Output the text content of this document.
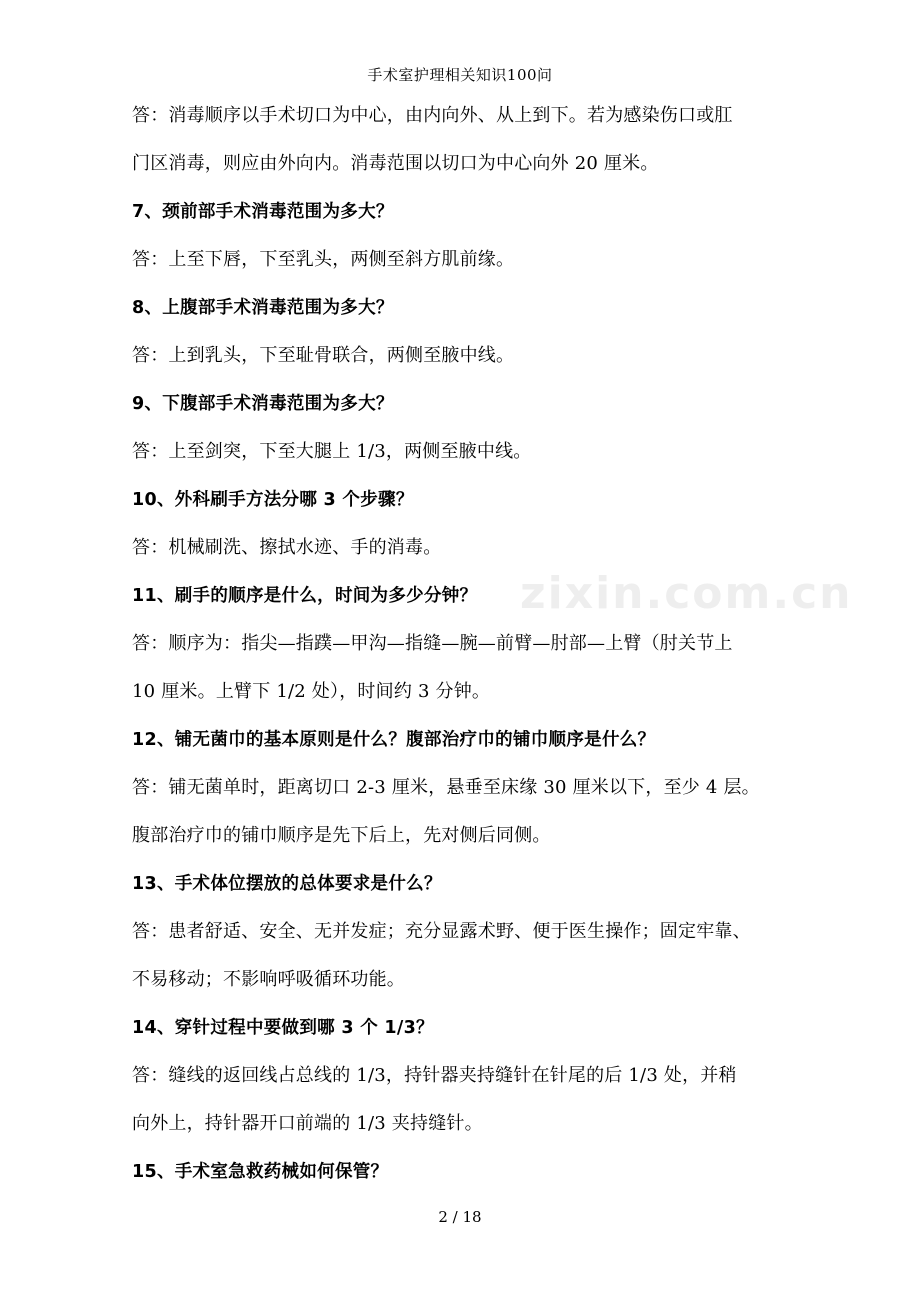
手术室护理相关知识100问
zixin.com.cn
答：消毒顺序以手术切口为中心，由内向外、从上到下。若为感染伤口或肛
门区消毒，则应由外向内。消毒范围以切口为中心向外 20 厘米。
7、颈前部手术消毒范围为多大？
答：上至下唇，下至乳头，两侧至斜方肌前缘。
8、上腹部手术消毒范围为多大？
答：上到乳头，下至耻骨联合，两侧至腋中线。
9、下腹部手术消毒范围为多大？
答：上至剑突，下至大腿上 1/3，两侧至腋中线。
10、外科刷手方法分哪 3 个步骤？
答：机械刷洗、擦拭水迹、手的消毒。
11、刷手的顺序是什么，时间为多少分钟？
答：顺序为：指尖—指蹼—甲沟—指缝—腕—前臂—肘部—上臂（肘关节上
10 厘米。上臂下 1/2 处），时间约 3 分钟。
12、铺无菌巾的基本原则是什么？腹部治疗巾的铺巾顺序是什么？
答：铺无菌单时，距离切口 2-3 厘米，悬垂至床缘 30 厘米以下，至少 4 层。
腹部治疗巾的铺巾顺序是先下后上，先对侧后同侧。
13、手术体位摆放的总体要求是什么？
答：患者舒适、安全、无并发症；充分显露术野、便于医生操作；固定牢靠、
不易移动；不影响呼吸循环功能。
14、穿针过程中要做到哪 3 个 1/3？
答：缝线的返回线占总线的 1/3，持针器夹持缝针在针尾的后 1/3 处，并稍
向外上，持针器开口前端的 1/3 夹持缝针。
15、手术室急救药械如何保管？
2 / 18
